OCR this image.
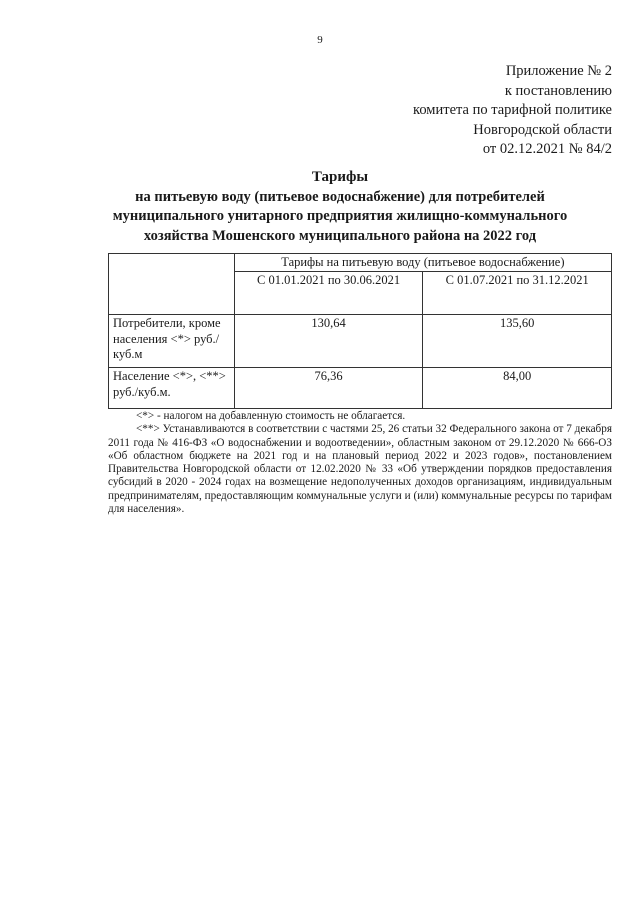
9
Приложение № 2
к постановлению
комитета по тарифной политике
Новгородской области
от 02.12.2021 № 84/2
Тарифы
на питьевую воду (питьевое водоснабжение) для потребителей
муниципального унитарного предприятия жилищно-коммунального
хозяйства Мошенского муниципального района на 2022 год
	Тарифы на питьевую воду (питьевое водоснабжение)	
	С 01.01.2021 по 30.06.2021	С 01.07.2021 по 31.12.2021
Потребители, кроме населения <*> руб./куб.м	130,64	135,60
Население <*>, <**> руб./куб.м.	76,36	84,00

<*> - налогом на добавленную стоимость не облагается.

<**> Устанавливаются в соответствии с частями 25, 26 статьи 32 Федерального закона от 7 декабря 2011 года № 416-ФЗ «О водоснабжении и водоотведении», областным законом от 29.12.2020 № 666-ОЗ «Об областном бюджете на 2021 год и на плановый период 2022 и 2023 годов», постановлением Правительства Новгородской области от 12.02.2020 № 33 «Об утверждении порядков предоставления субсидий в 2020 - 2024 годах на возмещение недополученных доходов организациям, индивидуальным предпринимателям, предоставляющим коммунальные услуги и (или) коммунальные ресурсы по тарифам для населения».
